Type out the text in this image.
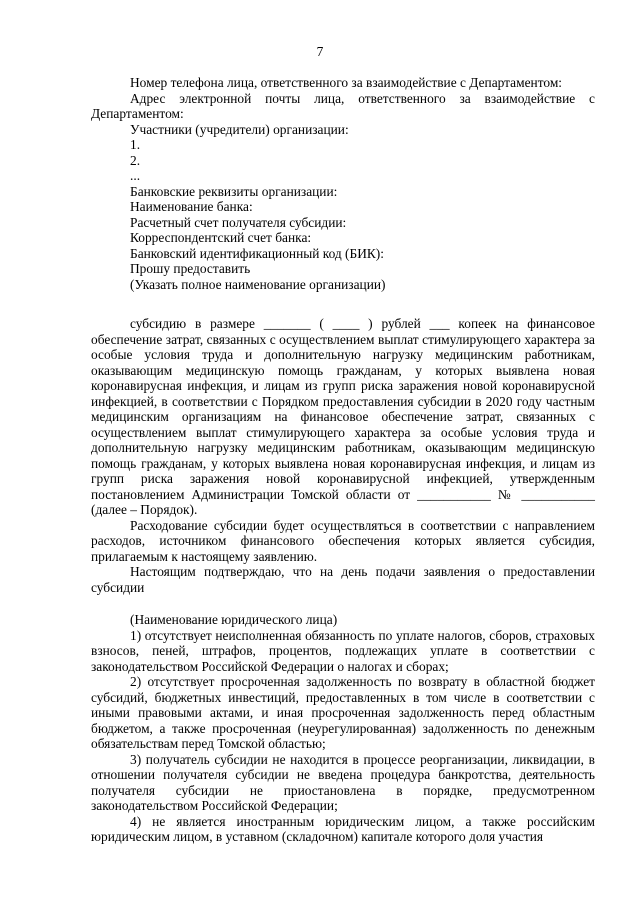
7
Номер телефона лица, ответственного за взаимодействие с Департаментом:
Адрес электронной почты лица, ответственного за взаимодействие с Департаментом:
Участники (учредители) организации:
1.
2.
...
Банковские реквизиты организации:
Наименование банка:
Расчетный счет получателя субсидии:
Корреспондентский счет банка:
Банковский идентификационный код (БИК):
Прошу предоставить
(Указать полное наименование организации)
субсидию в размере _______ ( ____ ) рублей ___ копеек на финансовое обеспечение затрат, связанных с осуществлением выплат стимулирующего характера за особые условия труда и дополнительную нагрузку медицинским работникам, оказывающим медицинскую помощь гражданам, у которых выявлена новая коронавирусная инфекция, и лицам из групп риска заражения новой коронавирусной инфекцией, в соответствии с Порядком предоставления субсидии в 2020 году частным медицинским организациям на финансовое обеспечение затрат, связанных с осуществлением выплат стимулирующего характера за особые условия труда и дополнительную нагрузку медицинским работникам, оказывающим медицинскую помощь гражданам, у которых выявлена новая коронавирусная инфекция, и лицам из групп риска заражения новой коронавирусной инфекцией, утвержденным постановлением Администрации Томской области от ___________ № ___________ (далее – Порядок).
Расходование субсидии будет осуществляться в соответствии с направлением расходов, источником финансового обеспечения которых является субсидия, прилагаемым к настоящему заявлению.
Настоящим подтверждаю, что на день подачи заявления о предоставлении субсидии
(Наименование юридического лица)
1) отсутствует неисполненная обязанность по уплате налогов, сборов, страховых взносов, пеней, штрафов, процентов, подлежащих уплате в соответствии с законодательством Российской Федерации о налогах и сборах;
2) отсутствует просроченная задолженность по возврату в областной бюджет субсидий, бюджетных инвестиций, предоставленных в том числе в соответствии с иными правовыми актами, и иная просроченная задолженность перед областным бюджетом, а также просроченная (неурегулированная) задолженность по денежным обязательствам перед Томской областью;
3) получатель субсидии не находится в процессе реорганизации, ликвидации, в отношении получателя субсидии не введена процедура банкротства, деятельность получателя субсидии не приостановлена в порядке, предусмотренном законодательством Российской Федерации;
4) не является иностранным юридическим лицом, а также российским юридическим лицом, в уставном (складочном) капитале которого доля участия
